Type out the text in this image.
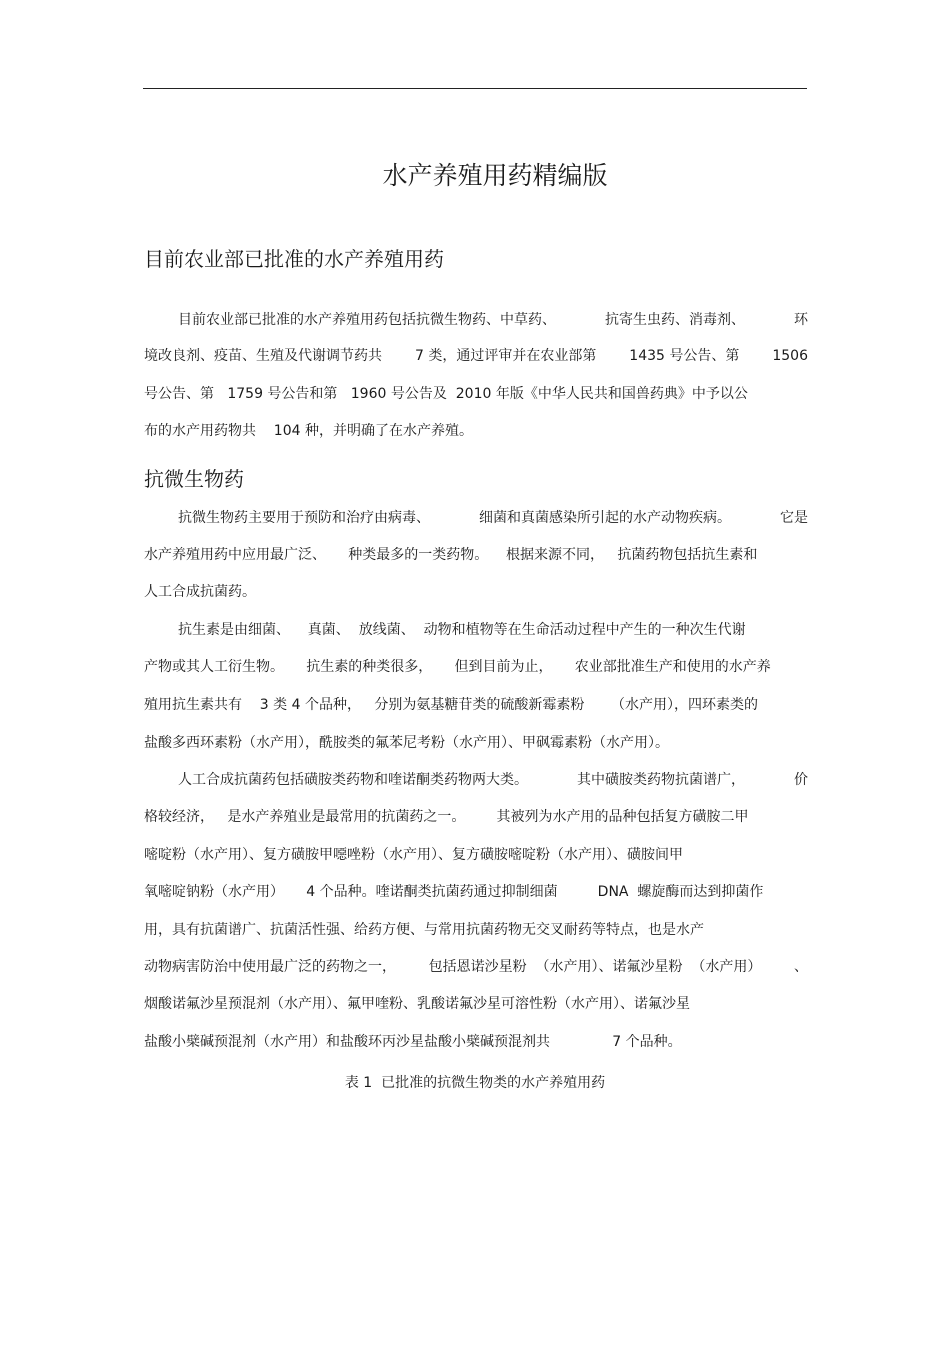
水产养殖用药精编版
目前农业部已批准的水产养殖用药
目前农业部已批准的水产养殖用药包括抗微生物药、中草药、	抗寄生虫药、消毒剂、	环
境改良剂、疫苗、生殖及代谢调节药共 7 类，通过评审并在农业部第 1435 号公告、第 1506
号公告、第   1759 号公告和第   1960 号公告及  2010 年版《中华人民共和国兽药典》中予以公
布的水产用药物共    104 种，并明确了在水产养殖。
抗微生物药
抗微生物药主要用于预防和治疗由病毒、	细菌和真菌感染所引起的水产动物疾病。	它是
水产养殖用药中应用最广泛、     种类最多的一类药物。    根据来源不同，   抗菌药物包括抗生素和
人工合成抗菌药。
抗生素是由细菌、    真菌、  放线菌、  动物和植物等在生命活动过程中产生的一种次生代谢
产物或其人工衍生物。     抗生素的种类很多，     但到目前为止，     农业部批准生产和使用的水产养
殖用抗生素共有    3 类 4 个品种，   分别为氨基糖苷类的硫酸新霉素粉      （水产用），四环素类的
盐酸多西环素粉（水产用），酰胺类的氟苯尼考粉（水产用）、甲砜霉素粉（水产用）。
人工合成抗菌药包括磺胺类药物和喹诺酮类药物两大类。	其中磺胺类药物抗菌谱广，	价
格较经济，   是水产养殖业是最常用的抗菌药之一。       其被列为水产用的品种包括复方磺胺二甲
嘧啶粉（水产用）、复方磺胺甲噁唑粉（水产用）、复方磺胺嘧啶粉（水产用）、磺胺间甲
氧嘧啶钠粉（水产用）     4 个品种。喹诺酮类抗菌药通过抑制细菌         DNA  螺旋酶而达到抑菌作
用，具有抗菌谱广、抗菌活性强、给药方便、与常用抗菌药物无交叉耐药等特点，也是水产
动物病害防治中使用最广泛的药物之一， 包括恩诺沙星粉  （水产用）、诺氟沙星粉  （水产用） 、
烟酸诺氟沙星预混剂（水产用）、氟甲喹粉、乳酸诺氟沙星可溶性粉（水产用）、诺氟沙星
盐酸小檗碱预混剂（水产用）和盐酸环丙沙星盐酸小檗碱预混剂共              7 个品种。
表 1  已批准的抗微生物类的水产养殖用药
